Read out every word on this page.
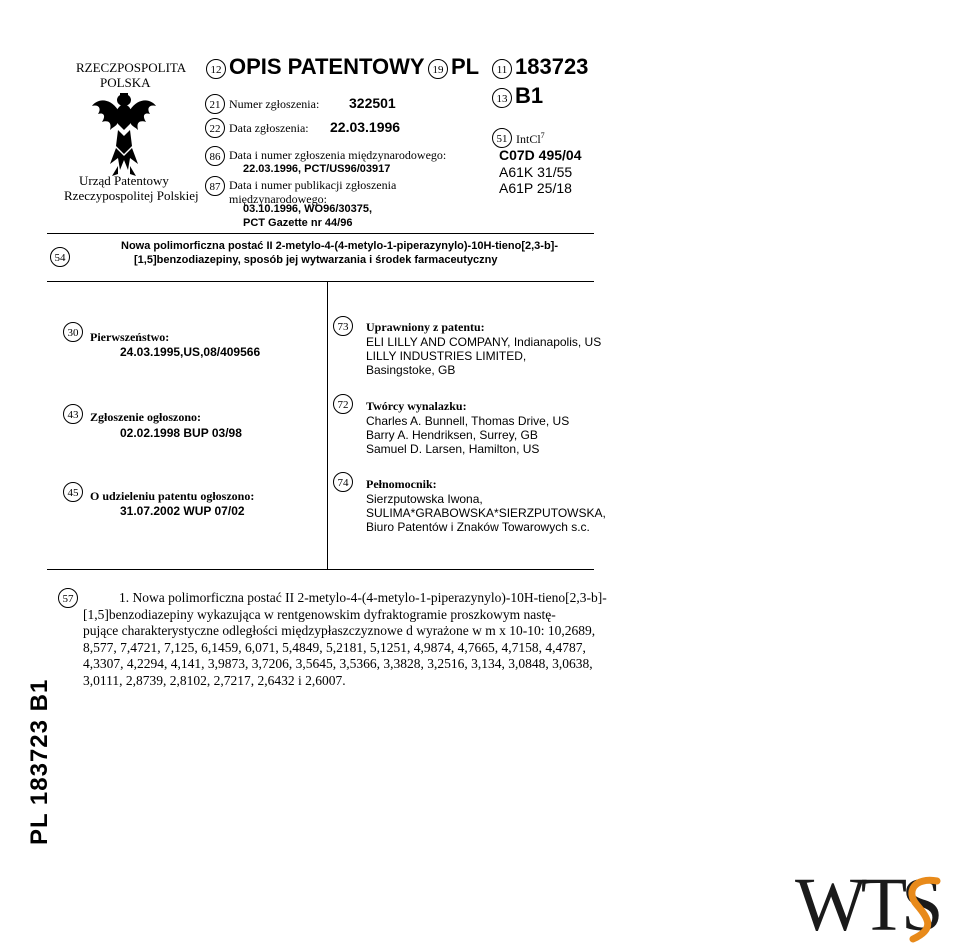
RZECZPOSPOLITA
POLSKA
Urząd Patentowy
Rzeczypospolitej Polskiej
12 OPIS PATENTOWY 19 PL	11 183723
13 B1
21 Numer zgłoszenia: 322501
22 Data zgłoszenia: 22.03.1996
86 Data i numer zgłoszenia międzynarodowego:
22.03.1996, PCT/US96/03917
87 Data i numer publikacji zgłoszenia
międzynarodowego:
03.10.1996, WO96/30375,
PCT Gazette nr 44/96
51 IntCl$^7$
C07D 495/04
A61K 31/55
A61P 25/18
54
Nowa polimorficzna postać II 2-metylo-4-(4-metylo-1-piperazynylo)-10H-tieno[2,3-b]-
[1,5]benzodiazepiny, sposób jej wytwarzania i środek farmaceutyczny
30 Pierwszeństwo:
24.03.1995,US,08/409566
43 Zgłoszenie ogłoszono:
02.02.1998 BUP 03/98
45 O udzieleniu patentu ogłoszono:
31.07.2002 WUP 07/02
73	Uprawniony z patentu:
ELI LILLY AND COMPANY, Indianapolis, US
LILLY INDUSTRIES LIMITED,
Basingstoke, GB
72	Twórcy wynalazku:
Charles A. Bunnell, Thomas Drive, US
Barry A. Hendriksen, Surrey, GB
Samuel D. Larsen, Hamilton, US
74	Pełnomocnik:
Sierzputowska Iwona,
SULIMA*GRABOWSKA*SIERZPUTOWSKA,
Biuro Patentów i Znaków Towarowych s.c.
57	1. Nowa polimorficzna postać II 2-metylo-4-(4-metylo-1-piperazynylo)-10H-tieno[2,3-b]-
[1,5]benzodiazepiny wykazująca w rentgenowskim dyfraktogramie proszkowym nastę-
pujące charakterystyczne odległości międzypłaszczyznowe d wyrażone w m x 10-10: 10,2689,
8,577, 7,4721, 7,125, 6,1459, 6,071, 5,4849, 5,2181, 5,1251, 4,9874, 4,7665, 4,7158, 4,4787,
4,3307, 4,2294, 4,141, 3,9873, 3,7206, 3,5645, 3,5366, 3,3828, 3,2516, 3,134, 3,0848, 3,0638,
3,0111, 2,8739, 2,8102, 2,7217, 2,6432 i 2,6007.
PL 183723 B1
WTS
